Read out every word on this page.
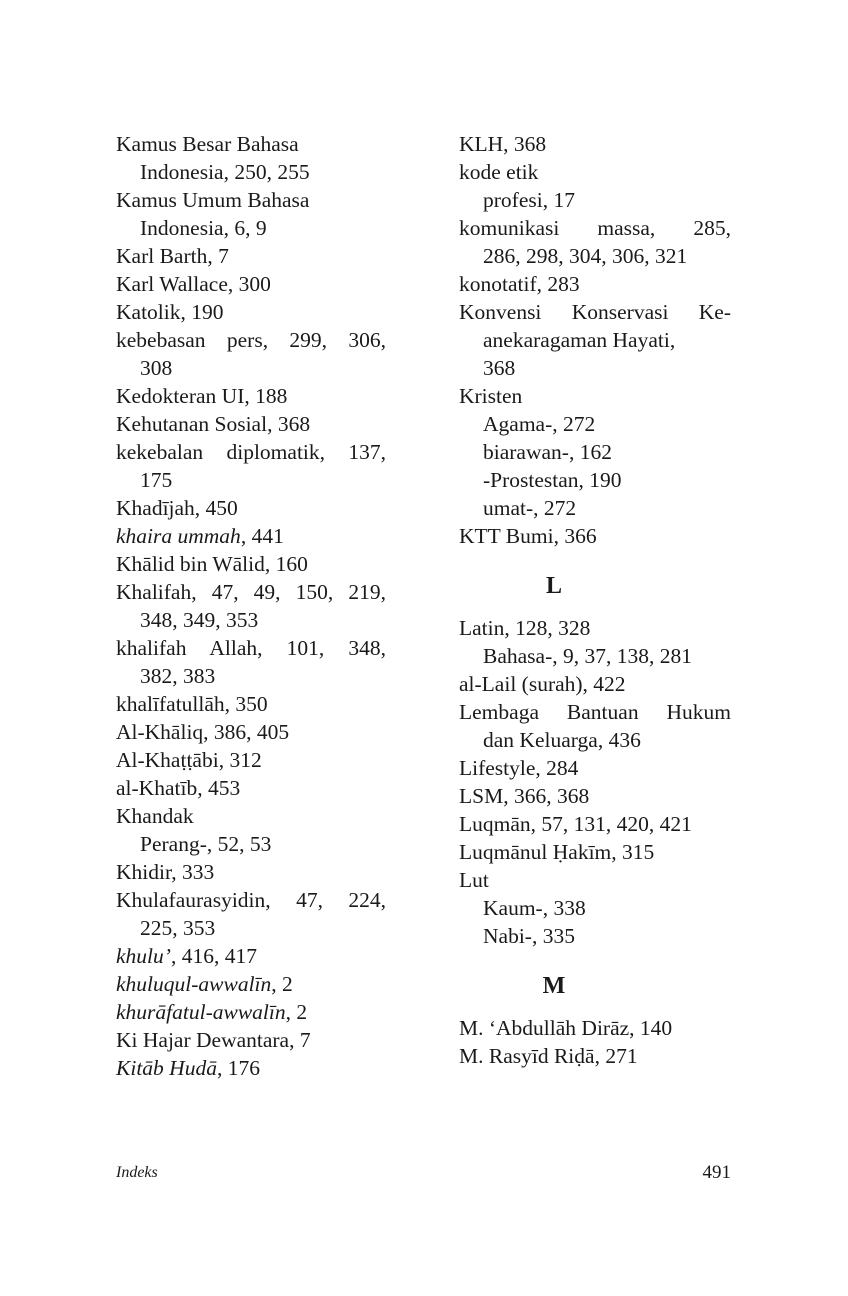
Kamus Besar Bahasa
Indonesia, 250, 255
Kamus Umum Bahasa
Indonesia, 6, 9
Karl Barth, 7
Karl Wallace, 300
Katolik, 190
kebebasan pers, 299, 306,
308
Kedokteran UI, 188
Kehutanan Sosial, 368
kekebalan diplomatik, 137,
175
Khadījah, 450
khaira ummah, 441
Khālid bin Wālid, 160
Khalifah, 47, 49, 150, 219,
348, 349, 353
khalifah Allah, 101, 348,
382, 383
khalīfatullāh, 350
Al-Khāliq, 386, 405
Al-Khaṭṭābi, 312
al-Khatīb, 453
Khandak
Perang-, 52, 53
Khidir, 333
Khulafaurasyidin, 47, 224,
225, 353
khulu’, 416, 417
khuluqul-awwalīn, 2
khurāfatul-awwalīn, 2
Ki Hajar Dewantara, 7
Kitāb Hudā, 176
KLH, 368
kode etik
profesi, 17
komunikasi massa, 285,
286, 298, 304, 306, 321
konotatif, 283
Konvensi Konservasi Ke-
anekaragaman Hayati,
368
Kristen
Agama-, 272
biarawan-, 162
-Prostestan, 190
umat-, 272
KTT Bumi, 366
L
Latin, 128, 328
Bahasa-, 9, 37, 138, 281
al-Lail (surah), 422
Lembaga Bantuan Hukum
dan Keluarga, 436
Lifestyle, 284
LSM, 366, 368
Luqmān, 57, 131, 420, 421
Luqmānul Ḥakīm, 315
Lut
Kaum-, 338
Nabi-, 335
M
M. ‘Abdullāh Dirāz, 140
M. Rasyīd Riḍā, 271
Indeks	491
